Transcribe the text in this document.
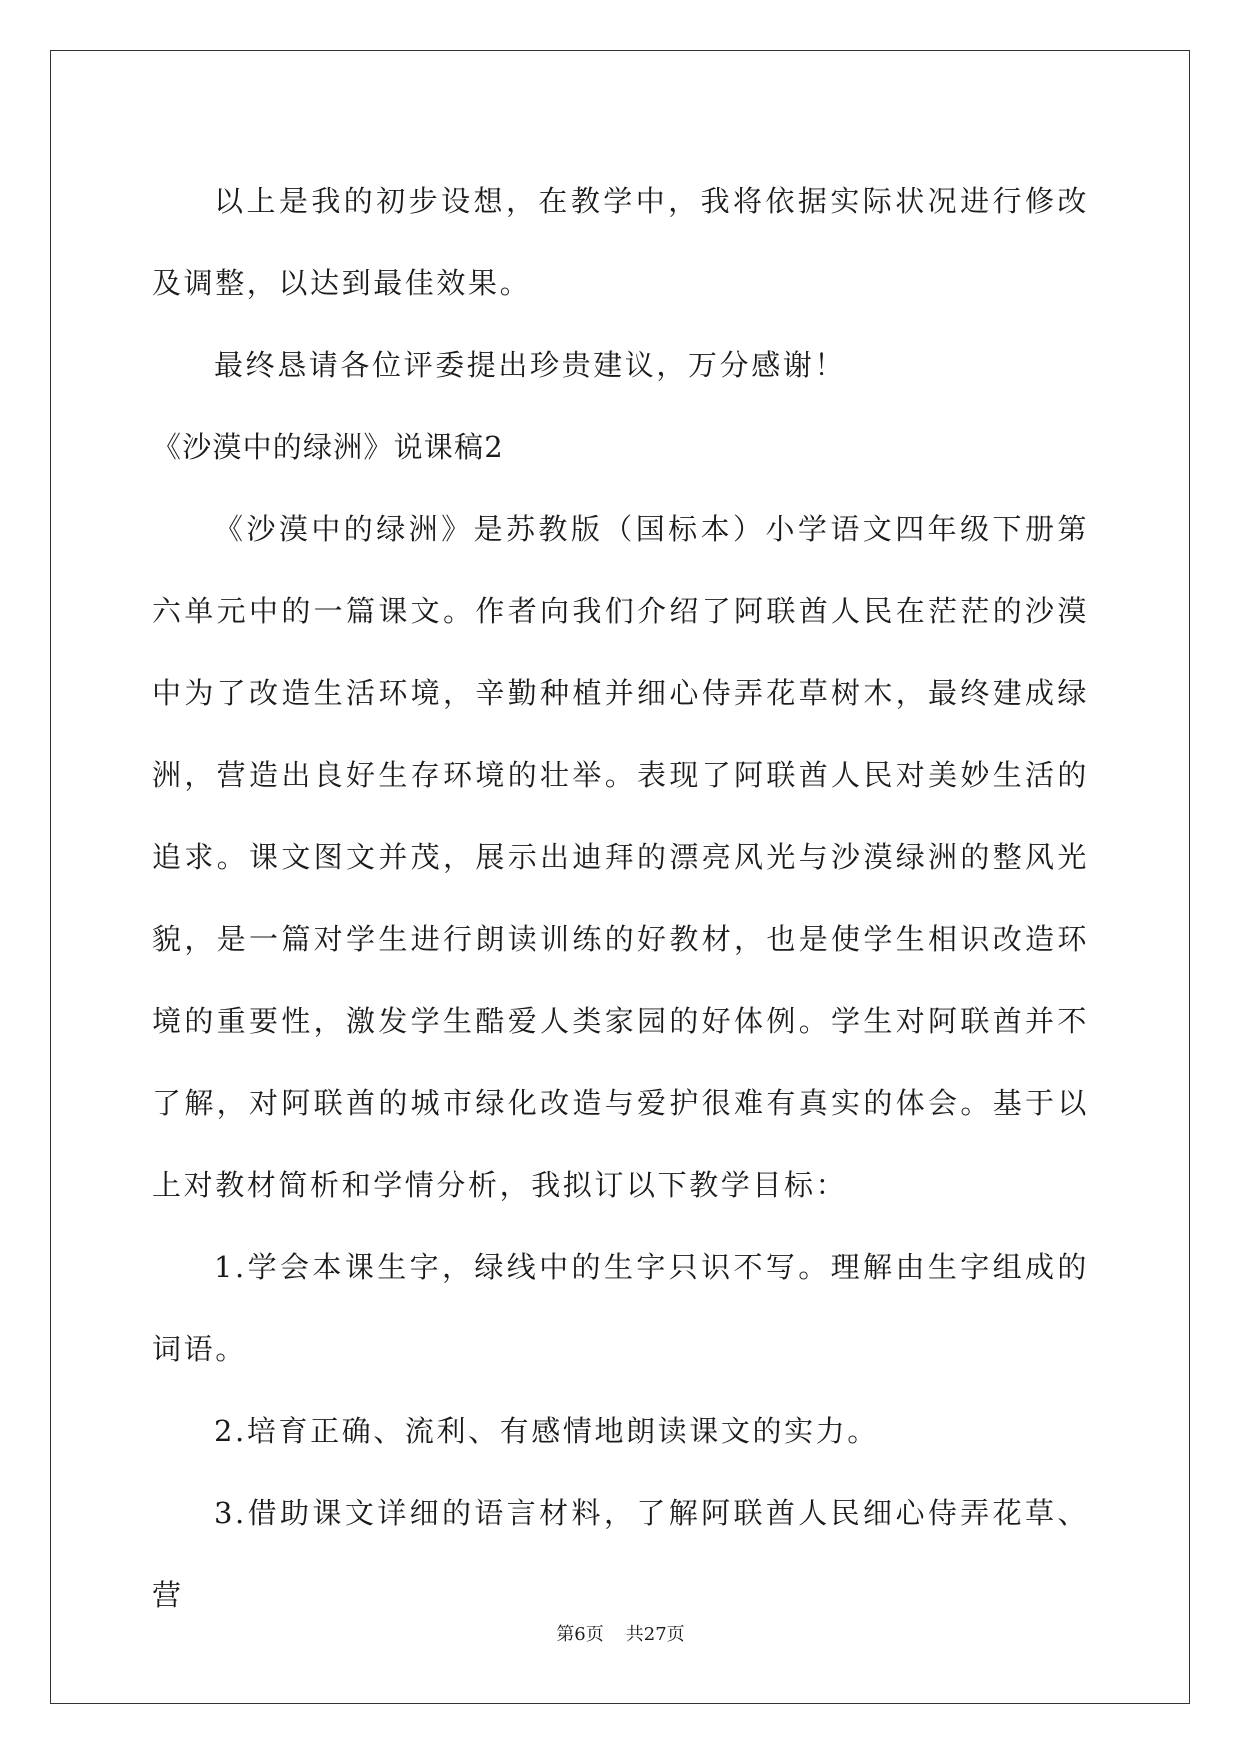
以上是我的初步设想，在教学中，我将依据实际状况进行修改及调整，以达到最佳效果。

最终恳请各位评委提出珍贵建议，万分感谢！

《沙漠中的绿洲》说课稿2

《沙漠中的绿洲》是苏教版（国标本）小学语文四年级下册第六单元中的一篇课文。作者向我们介绍了阿联酋人民在茫茫的沙漠中为了改造生活环境，辛勤种植并细心侍弄花草树木，最终建成绿洲，营造出良好生存环境的壮举。表现了阿联酋人民对美妙生活的追求。课文图文并茂，展示出迪拜的漂亮风光与沙漠绿洲的整风光 貌，是一篇对学生进行朗读训练的好教材，也是使学生相识改造环境的重要性，激发学生酷爱人类家园的好体例。学生对阿联酋并不了解，对阿联酋的城市绿化改造与爱护很难有真实的体会。基于以上对教材简析和学情分析，我拟订以下教学目标：

1.学会本课生字，绿线中的生字只识不写。理解由生字组成的词语。

2.培育正确、流利、有感情地朗读课文的实力。

3.借助课文详细的语言材料，了解阿联酋人民细心侍弄花草、营

第6页 共27页
